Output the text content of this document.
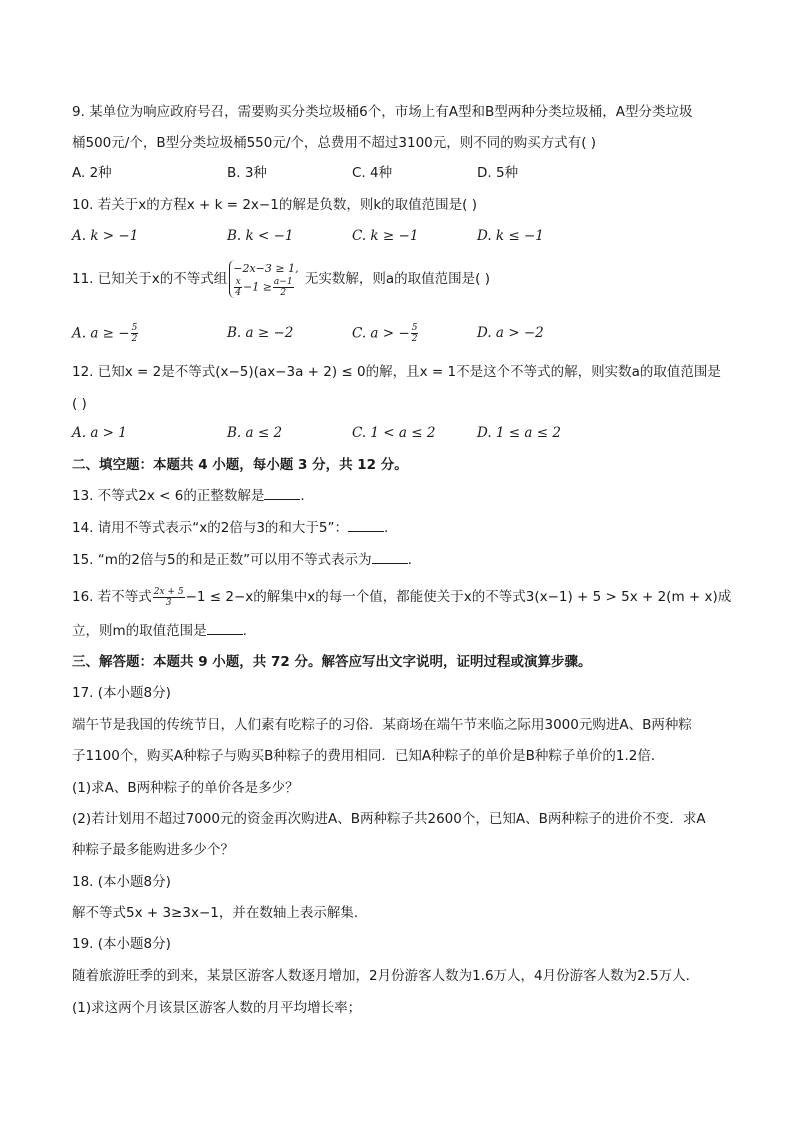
9. 某单位为响应政府号召，需要购买分类垃圾桶6个，市场上有A型和B型两种分类垃圾桶，A型分类垃圾
桶500元/个，B型分类垃圾桶550元/个，总费用不超过3100元，则不同的购买方式有( )
A. 2种	B. 3种	C. 4种	D. 5种
10. 若关于x的方程x + k = 2x−1的解是负数，则k的取值范围是( )
A. k > −1	B. k < −1	C. k ≥ −1	D. k ≤ −1
11. 已知关于x的不等式组
−2x−3 ≥ 1,
$\frac{x}{4} -1 \ge \frac{a-1}{2}$ 无实数解，则a的取值范围是( )
A. a ≥ − $\frac{5}{2}$	B. a ≥ −2	C. a > − $\frac{5}{2}$	D. a > −2
12. 已知x = 2是不等式(x−5)(ax−3a + 2) ≤ 0的解，且x = 1不是这个不等式的解，则实数a的取值范围是
( )
A. a > 1	B. a ≤ 2	C. 1 < a ≤ 2	D. 1 ≤ a ≤ 2
二、填空题：本题共 4 小题，每小题 3 分，共 12 分。
13. 不等式2x < 6的正整数解是	.
14. 请用不等式表示“x的2倍与3的和大于5”：	.
15. “m的2倍与5的和是正数”可以用不等式表示为	.
16. 若不等式 $\frac{2x + 5}{3} -1 \le 2-x$的解集中x的每一个值，都能使关于x的不等式3(x−1) + 5 > 5x + 2(m + x)成
立，则m的取值范围是	.
三、解答题：本题共 9 小题，共 72 分。解答应写出文字说明，证明过程或演算步骤。
17. (本小题8分)
端午节是我国的传统节日，人们素有吃粽子的习俗．某商场在端午节来临之际用3000元购进A、B两种粽
子1100个，购买A种粽子与购买B种粽子的费用相同．已知A种粽子的单价是B种粽子单价的1.2倍．
(1)求A、B两种粽子的单价各是多少？
(2)若计划用不超过7000元的资金再次购进A、B两种粽子共2600个，已知A、B两种粽子的进价不变．求A
种粽子最多能购进多少个？
18. (本小题8分)
解不等式5x + 3≥3x−1，并在数轴上表示解集．
19. (本小题8分)
随着旅游旺季的到来，某景区游客人数逐月增加，2月份游客人数为1.6万人，4月份游客人数为2.5万人．
(1)求这两个月该景区游客人数的月平均增长率；
